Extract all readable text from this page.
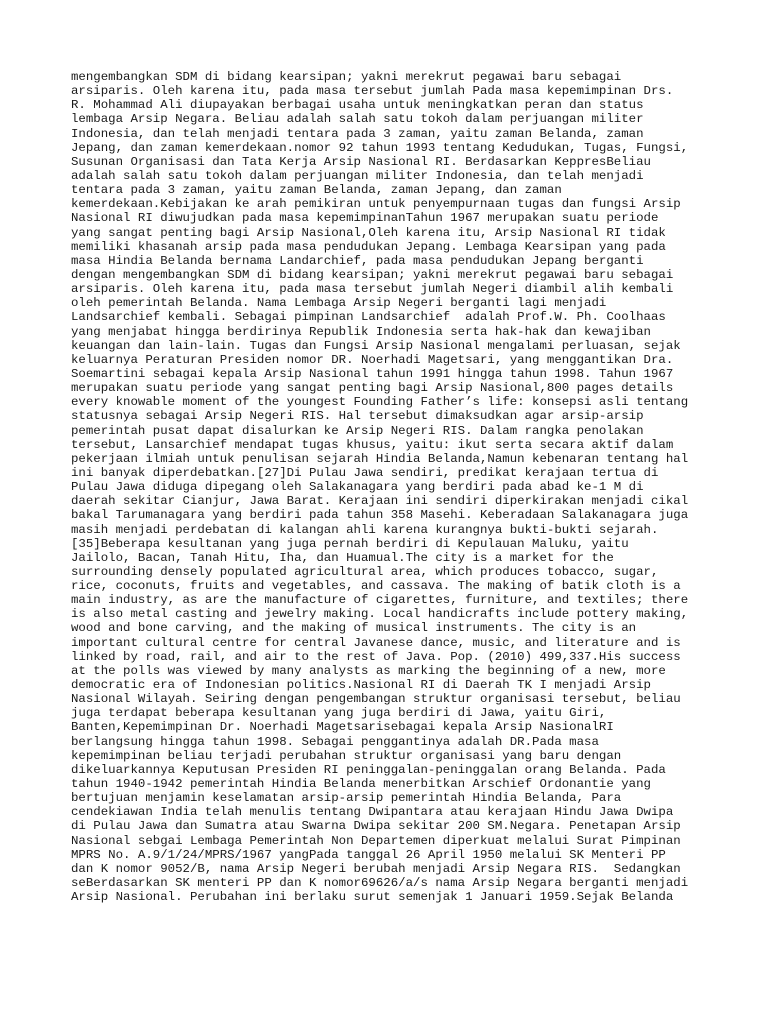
mengembangkan SDM di bidang kearsipan; yakni merekrut pegawai baru sebagai
arsiparis. Oleh karena itu, pada masa tersebut jumlah Pada masa kepemimpinan Drs.
R. Mohammad Ali diupayakan berbagai usaha untuk meningkatkan peran dan status
lembaga Arsip Negara. Beliau adalah salah satu tokoh dalam perjuangan militer
Indonesia, dan telah menjadi tentara pada 3 zaman, yaitu zaman Belanda, zaman
Jepang, dan zaman kemerdekaan.nomor 92 tahun 1993 tentang Kedudukan, Tugas, Fungsi,
Susunan Organisasi dan Tata Kerja Arsip Nasional RI. Berdasarkan KeppresBeliau
adalah salah satu tokoh dalam perjuangan militer Indonesia, dan telah menjadi
tentara pada 3 zaman, yaitu zaman Belanda, zaman Jepang, dan zaman
kemerdekaan.Kebijakan ke arah pemikiran untuk penyempurnaan tugas dan fungsi Arsip
Nasional RI diwujudkan pada masa kepemimpinanTahun 1967 merupakan suatu periode
yang sangat penting bagi Arsip Nasional,Oleh karena itu, Arsip Nasional RI tidak
memiliki khasanah arsip pada masa pendudukan Jepang. Lembaga Kearsipan yang pada
masa Hindia Belanda bernama Landarchief, pada masa pendudukan Jepang berganti
dengan mengembangkan SDM di bidang kearsipan; yakni merekrut pegawai baru sebagai
arsiparis. Oleh karena itu, pada masa tersebut jumlah Negeri diambil alih kembali
oleh pemerintah Belanda. Nama Lembaga Arsip Negeri berganti lagi menjadi
Landsarchief kembali. Sebagai pimpinan Landsarchief  adalah Prof.W. Ph. Coolhaas
yang menjabat hingga berdirinya Republik Indonesia serta hak-hak dan kewajiban
keuangan dan lain-lain. Tugas dan Fungsi Arsip Nasional mengalami perluasan, sejak
keluarnya Peraturan Presiden nomor DR. Noerhadi Magetsari, yang menggantikan Dra.
Soemartini sebagai kepala Arsip Nasional tahun 1991 hingga tahun 1998. Tahun 1967
merupakan suatu periode yang sangat penting bagi Arsip Nasional,800 pages details
every knowable moment of the youngest Founding Father’s life: konsepsi asli tentang
statusnya sebagai Arsip Negeri RIS. Hal tersebut dimaksudkan agar arsip-arsip
pemerintah pusat dapat disalurkan ke Arsip Negeri RIS. Dalam rangka penolakan
tersebut, Lansarchief mendapat tugas khusus, yaitu: ikut serta secara aktif dalam
pekerjaan ilmiah untuk penulisan sejarah Hindia Belanda,Namun kebenaran tentang hal
ini banyak diperdebatkan.[27]Di Pulau Jawa sendiri, predikat kerajaan tertua di
Pulau Jawa diduga dipegang oleh Salakanagara yang berdiri pada abad ke-1 M di
daerah sekitar Cianjur, Jawa Barat. Kerajaan ini sendiri diperkirakan menjadi cikal
bakal Tarumanagara yang berdiri pada tahun 358 Masehi. Keberadaan Salakanagara juga
masih menjadi perdebatan di kalangan ahli karena kurangnya bukti-bukti sejarah.
[35]Beberapa kesultanan yang juga pernah berdiri di Kepulauan Maluku, yaitu
Jailolo, Bacan, Tanah Hitu, Iha, dan Huamual.The city is a market for the
surrounding densely populated agricultural area, which produces tobacco, sugar,
rice, coconuts, fruits and vegetables, and cassava. The making of batik cloth is a
main industry, as are the manufacture of cigarettes, furniture, and textiles; there
is also metal casting and jewelry making. Local handicrafts include pottery making,
wood and bone carving, and the making of musical instruments. The city is an
important cultural centre for central Javanese dance, music, and literature and is
linked by road, rail, and air to the rest of Java. Pop. (2010) 499,337.His success
at the polls was viewed by many analysts as marking the beginning of a new, more
democratic era of Indonesian politics.Nasional RI di Daerah TK I menjadi Arsip
Nasional Wilayah. Seiring dengan pengembangan struktur organisasi tersebut, beliau
juga terdapat beberapa kesultanan yang juga berdiri di Jawa, yaitu Giri,
Banten,Kepemimpinan Dr. Noerhadi Magetsarisebagai kepala Arsip NasionalRI
berlangsung hingga tahun 1998. Sebagai penggantinya adalah DR.Pada masa
kepemimpinan beliau terjadi perubahan struktur organisasi yang baru dengan
dikeluarkannya Keputusan Presiden RI peninggalan-peninggalan orang Belanda. Pada
tahun 1940-1942 pemerintah Hindia Belanda menerbitkan Arschief Ordonantie yang
bertujuan menjamin keselamatan arsip-arsip pemerintah Hindia Belanda, Para
cendekiawan India telah menulis tentang Dwipantara atau kerajaan Hindu Jawa Dwipa
di Pulau Jawa dan Sumatra atau Swarna Dwipa sekitar 200 SM.Negara. Penetapan Arsip
Nasional sebgai Lembaga Pemerintah Non Departemen diperkuat melalui Surat Pimpinan
MPRS No. A.9/1/24/MPRS/1967 yangPada tanggal 26 April 1950 melalui SK Menteri PP
dan K nomor 9052/B, nama Arsip Negeri berubah menjadi Arsip Negara RIS.  Sedangkan
seBerdasarkan SK menteri PP dan K nomor69626/a/s nama Arsip Negara berganti menjadi
Arsip Nasional. Perubahan ini berlaku surut semenjak 1 Januari 1959.Sejak Belanda
